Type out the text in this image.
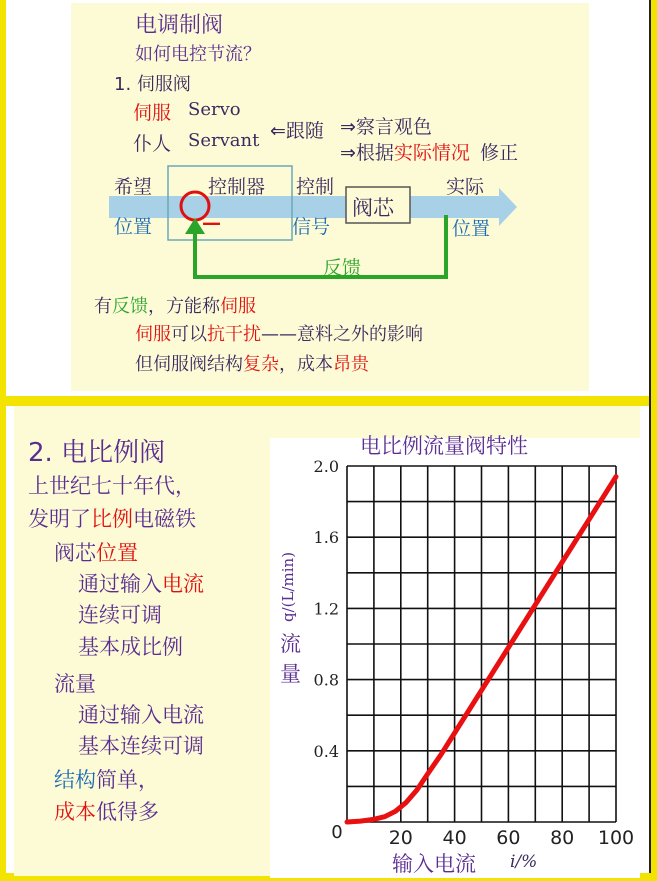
电调制阀
如何电控节流？
1. 伺服阀
伺服 Servo
仆人 Servant ⇐跟随 ⇒察言观色
⇒根据实际情况 修正
希望
位置
控制器
—
控制
信号
阀芯
实际
位置
反馈
有反馈，方能称伺服
伺服可以抗干扰——意料之外的影响
但伺服阀结构复杂，成本昂贵
2. 电比例阀
上世纪七十年代，
发明了比例电磁铁
阀芯位置
通过输入电流
连续可调
基本成比例
流量
通过输入电流
基本连续可调
结构简单，
成本低得多
电比例流量阀特性
2.0
1.6
1.2
0.8
0.4
20 40 60 80 100
0
流
量
q/(L/min)
输入电流 i/%
